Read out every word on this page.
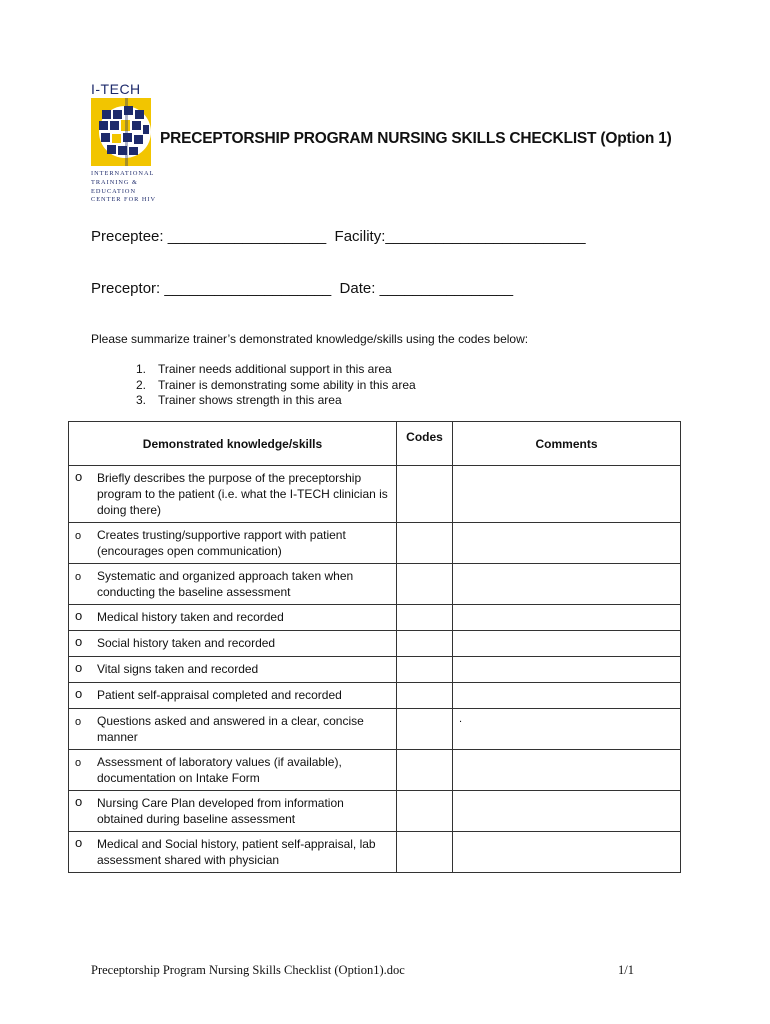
I-TECH
INTERNATIONAL
TRAINING &
EDUCATION
CENTER FOR HIV
PRECEPTORSHIP PROGRAM NURSING SKILLS CHECKLIST (Option 1)
Preceptee: ___________________  Facility:________________________
Preceptor: ____________________  Date: ________________
Please summarize trainer’s demonstrated knowledge/skills using the codes below:
1. Trainer needs additional support in this area
2. Trainer is demonstrating some ability in this area
3. Trainer shows strength in this area
Demonstrated knowledge/skills	Codes	Comments

o Briefly describes the purpose of the preceptorship program to the patient (i.e. what the I-TECH clinician is doing there)		

o Creates trusting/supportive rapport with patient (encourages open communication)		

o Systematic and organized approach taken when conducting the baseline assessment		

o Medical history taken and recorded		

o Social history taken and recorded		

o Vital signs taken and recorded		

o Patient self-appraisal completed and recorded		

o Questions asked and answered in a clear, concise manner		.

o Assessment of laboratory values (if available), documentation on Intake Form		

o Nursing Care Plan developed from information obtained during baseline assessment		

o Medical and Social history, patient self-appraisal, lab assessment shared with physician		
Preceptorship Program Nursing Skills Checklist (Option1).doc	1/1
